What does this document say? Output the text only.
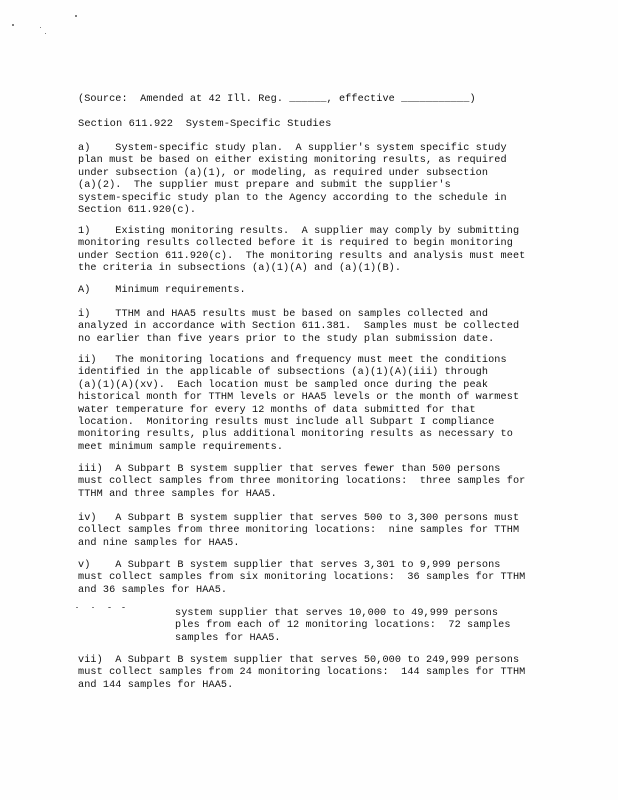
(Source:  Amended at 42 Ill. Reg. ______, effective ___________)
Section 611.922  System-Specific Studies
a)    System-specific study plan.  A supplier's system specific study
plan must be based on either existing monitoring results, as required
under subsection (a)(1), or modeling, as required under subsection
(a)(2).  The supplier must prepare and submit the supplier's
system-specific study plan to the Agency according to the schedule in
Section 611.920(c).
1)    Existing monitoring results.  A supplier may comply by submitting
monitoring results collected before it is required to begin monitoring
under Section 611.920(c).  The monitoring results and analysis must meet
the criteria in subsections (a)(1)(A) and (a)(1)(B).
A)    Minimum requirements.
i)    TTHM and HAA5 results must be based on samples collected and
analyzed in accordance with Section 611.381.  Samples must be collected
no earlier than five years prior to the study plan submission date.
ii)   The monitoring locations and frequency must meet the conditions
identified in the applicable of subsections (a)(1)(A)(iii) through
(a)(1)(A)(xv).  Each location must be sampled once during the peak
historical month for TTHM levels or HAA5 levels or the month of warmest
water temperature for every 12 months of data submitted for that
location.  Monitoring results must include all Subpart I compliance
monitoring results, plus additional monitoring results as necessary to
meet minimum sample requirements.
iii)  A Subpart B system supplier that serves fewer than 500 persons
must collect samples from three monitoring locations:  three samples for
TTHM and three samples for HAA5.
iv)   A Subpart B system supplier that serves 500 to 3,300 persons must
collect samples from three monitoring locations:  nine samples for TTHM
and nine samples for HAA5.
v)    A Subpart B system supplier that serves 3,301 to 9,999 persons
must collect samples from six monitoring locations:  36 samples for TTHM
and 36 samples for HAA5.
system supplier that serves 10,000 to 49,999 persons
ples from each of 12 monitoring locations:  72 samples
samples for HAA5.
vii)  A Subpart B system supplier that serves 50,000 to 249,999 persons
must collect samples from 24 monitoring locations:  144 samples for TTHM
and 144 samples for HAA5.
